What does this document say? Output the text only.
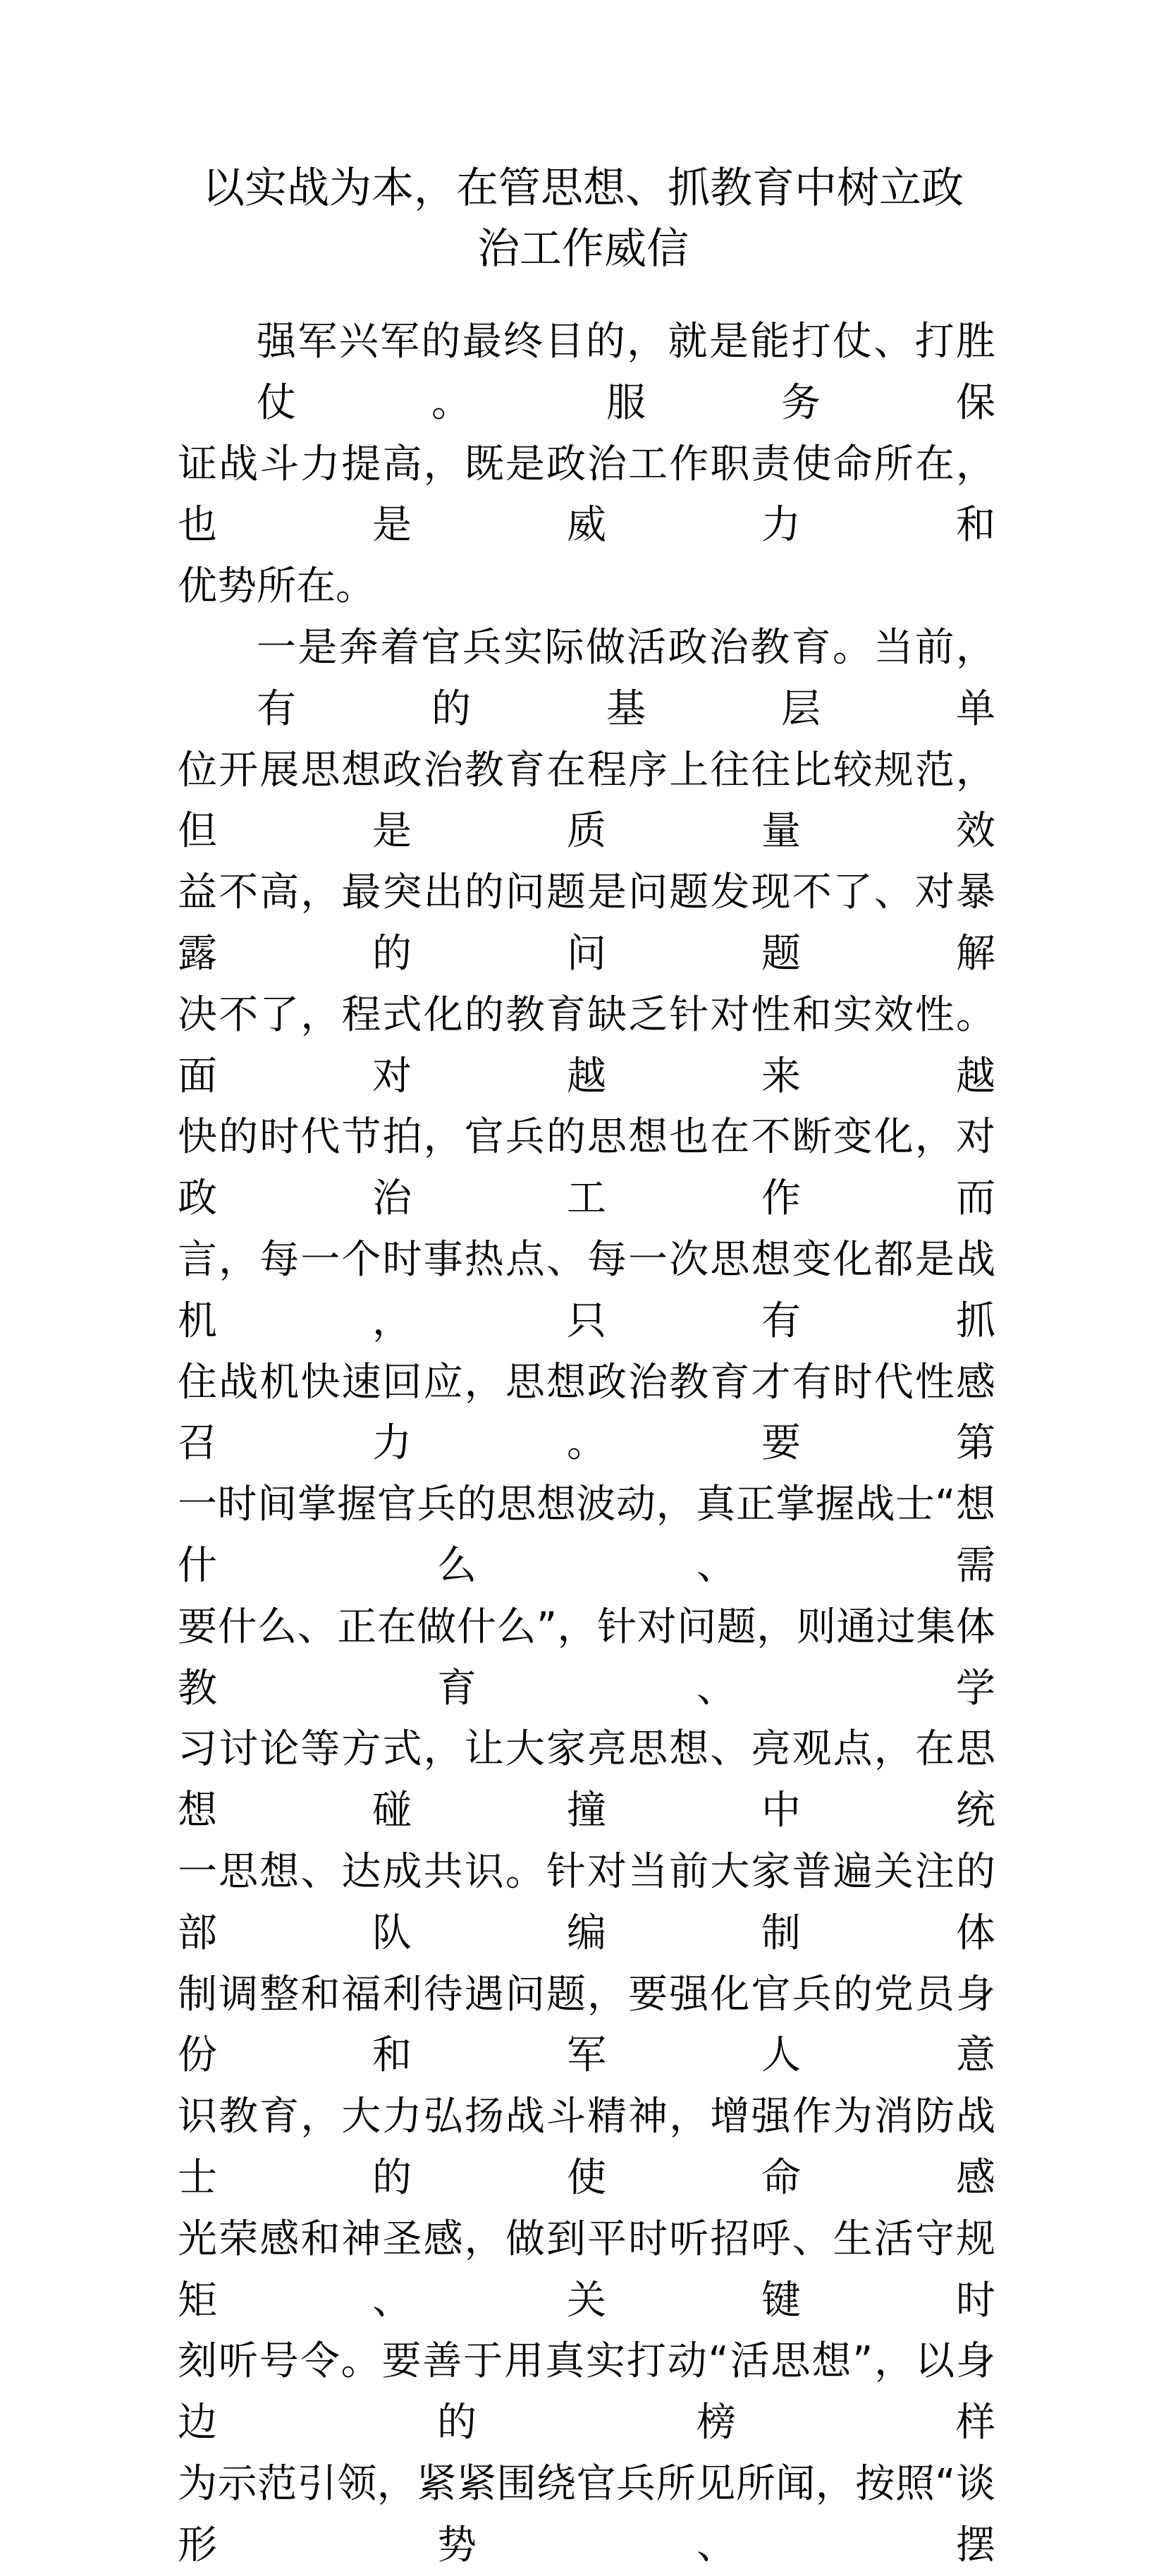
以实战为本，在管思想、抓教育中树立政
治工作威信
强军兴军的最终目的，就是能打仗、打胜仗。服务保
证战斗力提高，既是政治工作职责使命所在，也是威力和
优势所在。
一是奔着官兵实际做活政治教育。当前，有的基层单
位开展思想政治教育在程序上往往比较规范，但是质量效
益不高，最突出的问题是问题发现不了、对暴露的问题解
决不了，程式化的教育缺乏针对性和实效性。面对越来越
快的时代节拍，官兵的思想也在不断变化，对政治工作而
言，每一个时事热点、每一次思想变化都是战机，只有抓
住战机快速回应，思想政治教育才有时代性感召力。要第
一时间掌握官兵的思想波动，真正掌握战士“想什么、需
要什么、正在做什么”，针对问题，则通过集体教育、学
习讨论等方式，让大家亮思想、亮观点，在思想碰撞中统
一思想、达成共识。针对当前大家普遍关注的部队编制体
制调整和福利待遇问题，要强化官兵的党员身份和军人意
识教育，大力弘扬战斗精神，增强作为消防战士的使命感
光荣感和神圣感，做到平时听招呼、生活守规矩、关键时
刻听号令。要善于用真实打动“活思想”，以身边的榜样
为示范引领，紧紧围绕官兵所见所闻，按照“谈形势、摆
